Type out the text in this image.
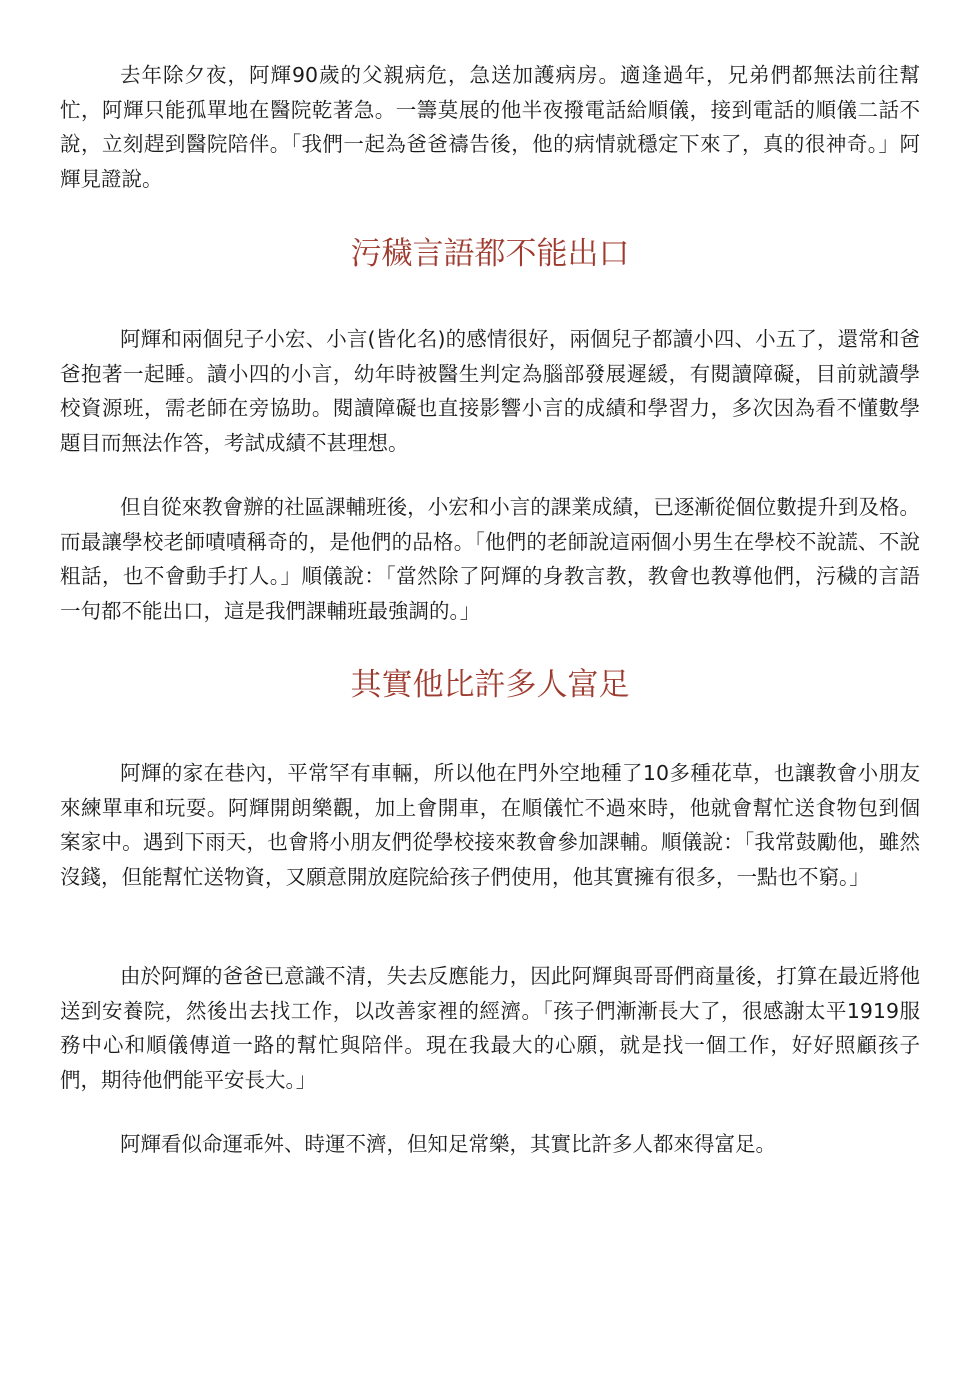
去年除夕夜，阿輝90歲的父親病危，急送加護病房。適逢過年，兄弟們都無法前往幫忙，阿輝只能孤單地在醫院乾著急。一籌莫展的他半夜撥電話給順儀，接到電話的順儀二話不說，立刻趕到醫院陪伴。「我們一起為爸爸禱告後，他的病情就穩定下來了，真的很神奇。」阿輝見證說。

污穢言語都不能出口

阿輝和兩個兒子小宏、小言(皆化名)的感情很好，兩個兒子都讀小四、小五了，還常和爸爸抱著一起睡。讀小四的小言，幼年時被醫生判定為腦部發展遲緩，有閱讀障礙，目前就讀學校資源班，需老師在旁協助。閱讀障礙也直接影響小言的成績和學習力，多次因為看不懂數學題目而無法作答，考試成績不甚理想。

但自從來教會辦的社區課輔班後，小宏和小言的課業成績，已逐漸從個位數提升到及格。而最讓學校老師嘖嘖稱奇的，是他們的品格。「他們的老師說這兩個小男生在學校不說謊、不說粗話，也不會動手打人。」順儀說：「當然除了阿輝的身教言教，教會也教導他們，污穢的言語一句都不能出口，這是我們課輔班最強調的。」

其實他比許多人富足

阿輝的家在巷內，平常罕有車輛，所以他在門外空地種了10多種花草，也讓教會小朋友來練單車和玩耍。阿輝開朗樂觀，加上會開車，在順儀忙不過來時，他就會幫忙送食物包到個案家中。遇到下雨天，也會將小朋友們從學校接來教會參加課輔。順儀說：「我常鼓勵他，雖然沒錢，但能幫忙送物資，又願意開放庭院給孩子們使用，他其實擁有很多，一點也不窮。」

由於阿輝的爸爸已意識不清，失去反應能力，因此阿輝與哥哥們商量後，打算在最近將他送到安養院，然後出去找工作，以改善家裡的經濟。「孩子們漸漸長大了，很感謝太平1919服務中心和順儀傳道一路的幫忙與陪伴。現在我最大的心願，就是找一個工作，好好照顧孩子們，期待他們能平安長大。」

阿輝看似命運乖舛、時運不濟，但知足常樂，其實比許多人都來得富足。
